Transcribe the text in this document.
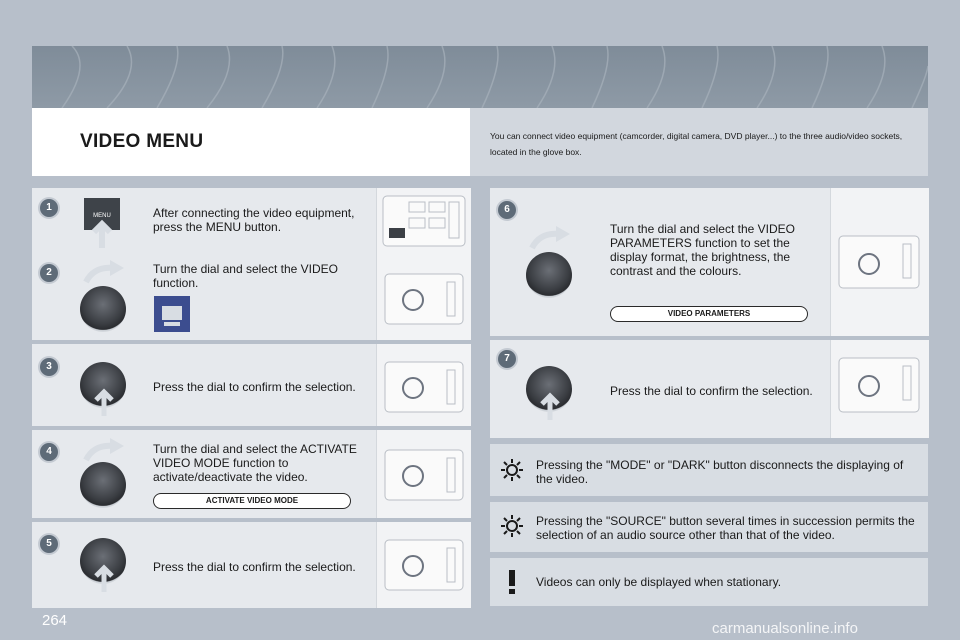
VIDEO MENU	You can connect video equipment (camcorder, digital camera, DVD player...) to the three audio/video sockets, located in the glove box.
MENU	After connecting the video equipment, press the MENU button.
1
Turn the dial and select the VIDEO function.
2
Press the dial to confirm the selection.
3
Turn the dial and select the ACTIVATE VIDEO MODE function to activate/deactivate the video.
ACTIVATE VIDEO MODE
4
Press the dial to confirm the selection.
5
Turn the dial and select the VIDEO PARAMETERS function to set the display format, the brightness, the contrast and the colours.
VIDEO PARAMETERS
6
Press the dial to confirm the selection.
7
Pressing the "MODE" or "DARK" button disconnects the displaying of the video.
Pressing the "SOURCE" button several times in succession permits the selection of an audio source other than that of the video.
Videos can only be displayed when stationary.
264	carmanualsonline.info
